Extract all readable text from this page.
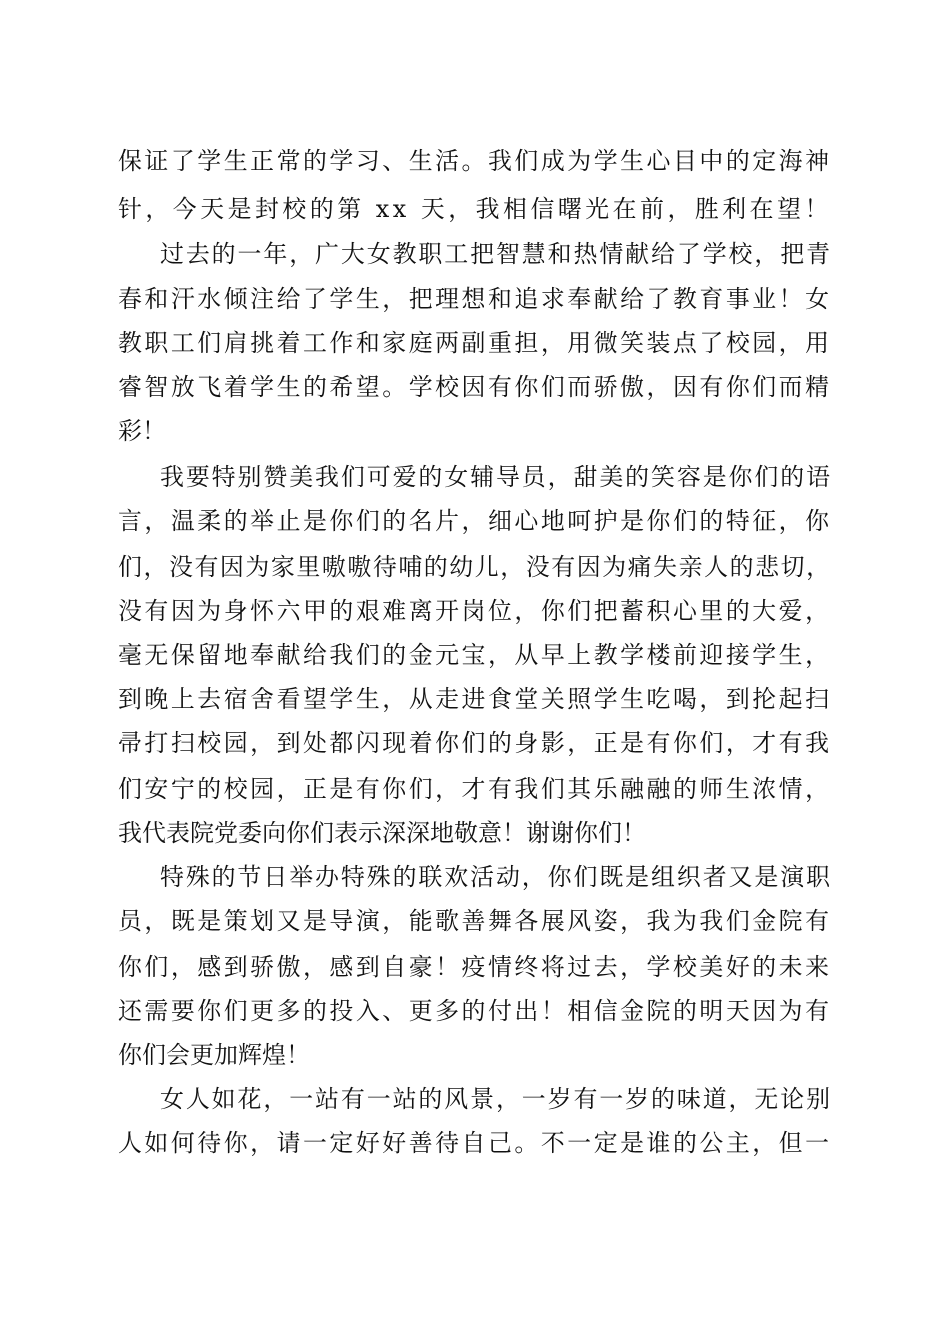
保证了学生正常的学习、生活。我们成为学生心目中的定海神

针，今天是封校的第 xx 天，我相信曙光在前，胜利在望！

过去的一年，广大女教职工把智慧和热情献给了学校，把青

春和汗水倾注给了学生，把理想和追求奉献给了教育事业！女

教职工们肩挑着工作和家庭两副重担，用微笑装点了校园，用

睿智放飞着学生的希望。学校因有你们而骄傲，因有你们而精

彩！

我要特别赞美我们可爱的女辅导员，甜美的笑容是你们的语

言，温柔的举止是你们的名片，细心地呵护是你们的特征，你

们，没有因为家里嗷嗷待哺的幼儿，没有因为痛失亲人的悲切，

没有因为身怀六甲的艰难离开岗位，你们把蓄积心里的大爱，

毫无保留地奉献给我们的金元宝，从早上教学楼前迎接学生，

到晚上去宿舍看望学生，从走进食堂关照学生吃喝，到抡起扫

帚打扫校园，到处都闪现着你们的身影，正是有你们，才有我

们安宁的校园，正是有你们，才有我们其乐融融的师生浓情，

我代表院党委向你们表示深深地敬意！谢谢你们！

特殊的节日举办特殊的联欢活动，你们既是组织者又是演职

员，既是策划又是导演，能歌善舞各展风姿，我为我们金院有

你们，感到骄傲，感到自豪！疫情终将过去，学校美好的未来

还需要你们更多的投入、更多的付出！相信金院的明天因为有

你们会更加辉煌！

女人如花，一站有一站的风景，一岁有一岁的味道，无论别

人如何待你，请一定好好善待自己。不一定是谁的公主，但一
